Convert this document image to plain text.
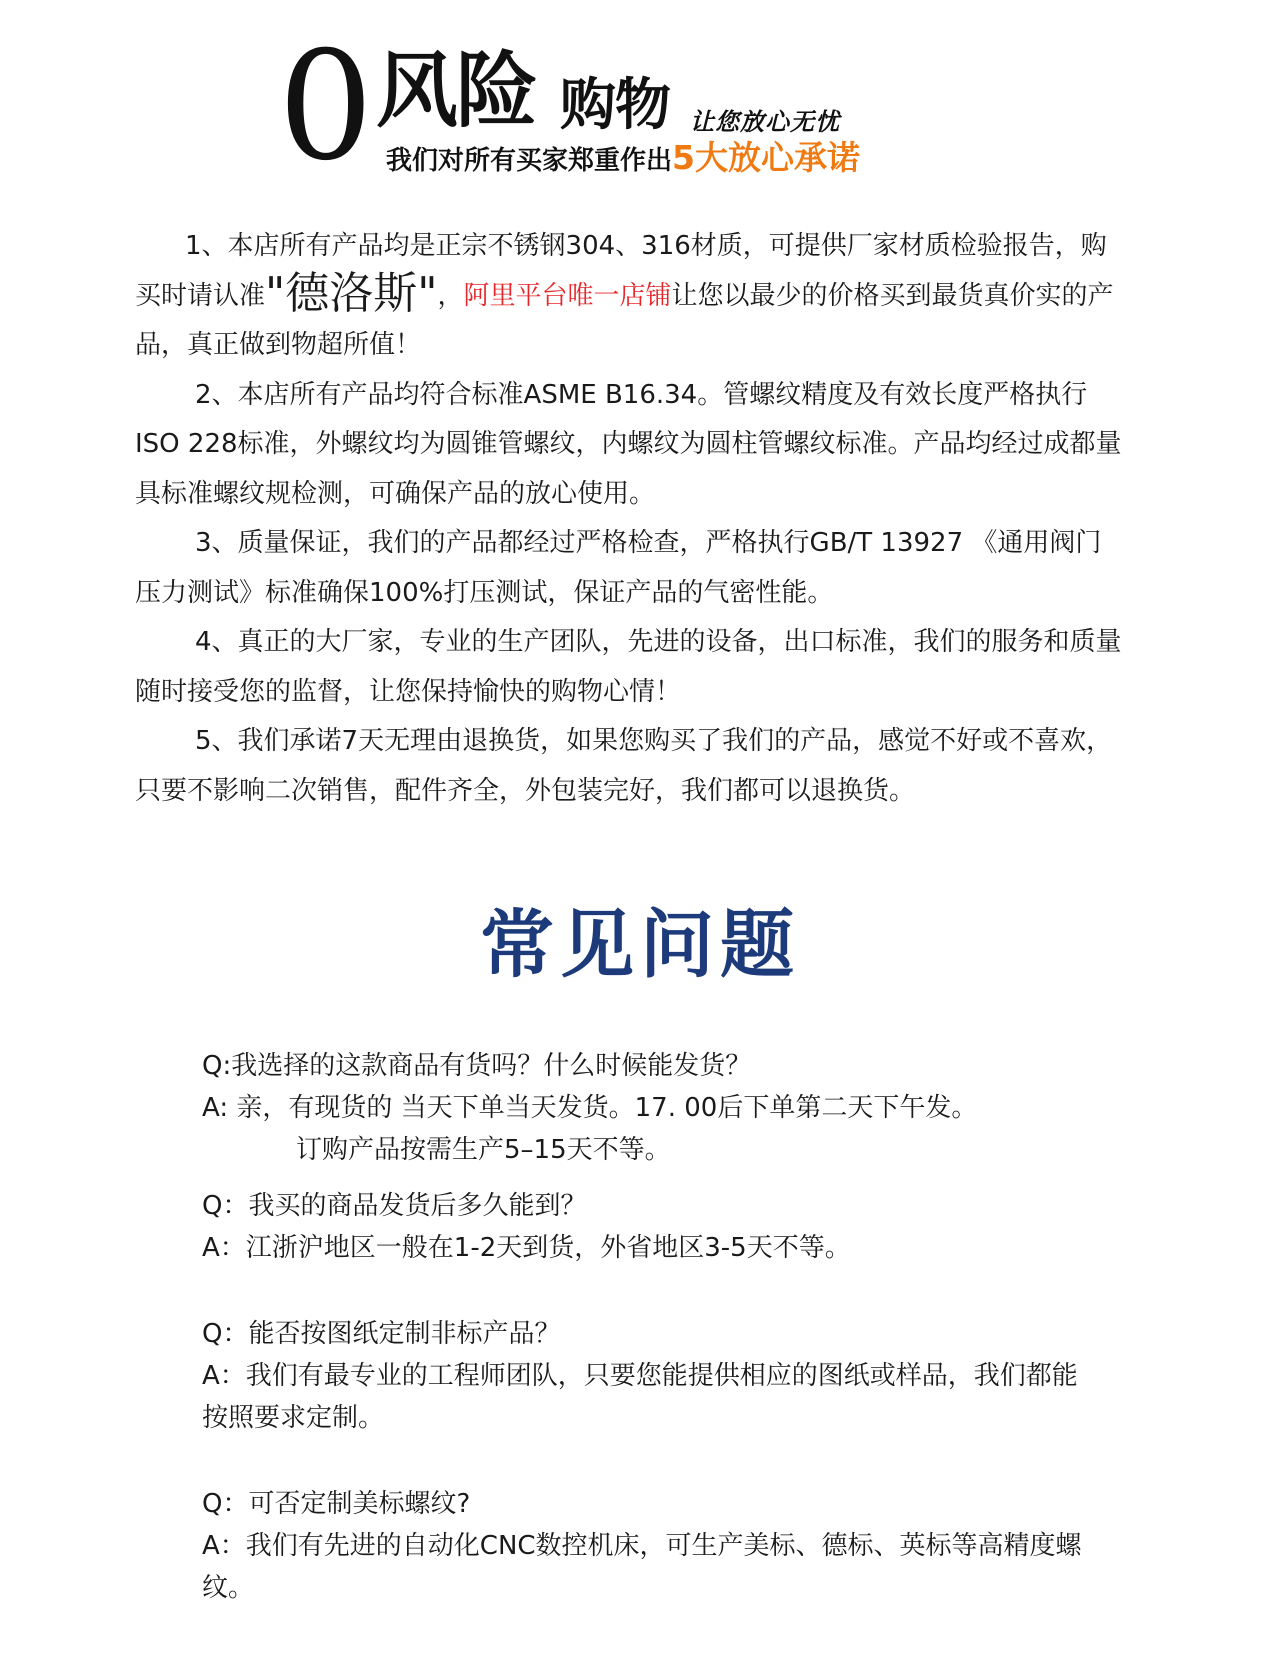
0 风险 购物 让您放心无忧
我们对所有买家郑重作出5大放心承诺

1、本店所有产品均是正宗不锈钢304、316材质，可提供厂家材质检验报告，购买时请认准"德洛斯"，阿里平台唯一店铺让您以最少的价格买到最货真价实的产品，真正做到物超所值！

2、本店所有产品均符合标准ASME B16.34。管螺纹精度及有效长度严格执行ISO 228标准，外螺纹均为圆锥管螺纹，内螺纹为圆柱管螺纹标准。产品均经过成都量具标准螺纹规检测，可确保产品的放心使用。

3、质量保证，我们的产品都经过严格检查，严格执行GB/T 13927 《通用阀门压力测试》标准确保100%打压测试，保证产品的气密性能。

4、真正的大厂家，专业的生产团队，先进的设备，出口标准，我们的服务和质量随时接受您的监督，让您保持愉快的购物心情！

5、我们承诺7天无理由退换货，如果您购买了我们的产品，感觉不好或不喜欢，只要不影响二次销售，配件齐全，外包装完好，我们都可以退换货。

常见问题

Q:我选择的这款商品有货吗？什么时候能发货？

A: 亲，有现货的 当天下单当天发货。17. 00后下单第二天下午发。

订购产品按需生产5–15天不等。

Q：我买的商品发货后多久能到？

A：江浙沪地区一般在1-2天到货，外省地区3-5天不等。

Q：能否按图纸定制非标产品？

A：我们有最专业的工程师团队，只要您能提供相应的图纸或样品，我们都能按照要求定制。

Q：可否定制美标螺纹?

A：我们有先进的自动化CNC数控机床，可生产美标、德标、英标等高精度螺纹。
